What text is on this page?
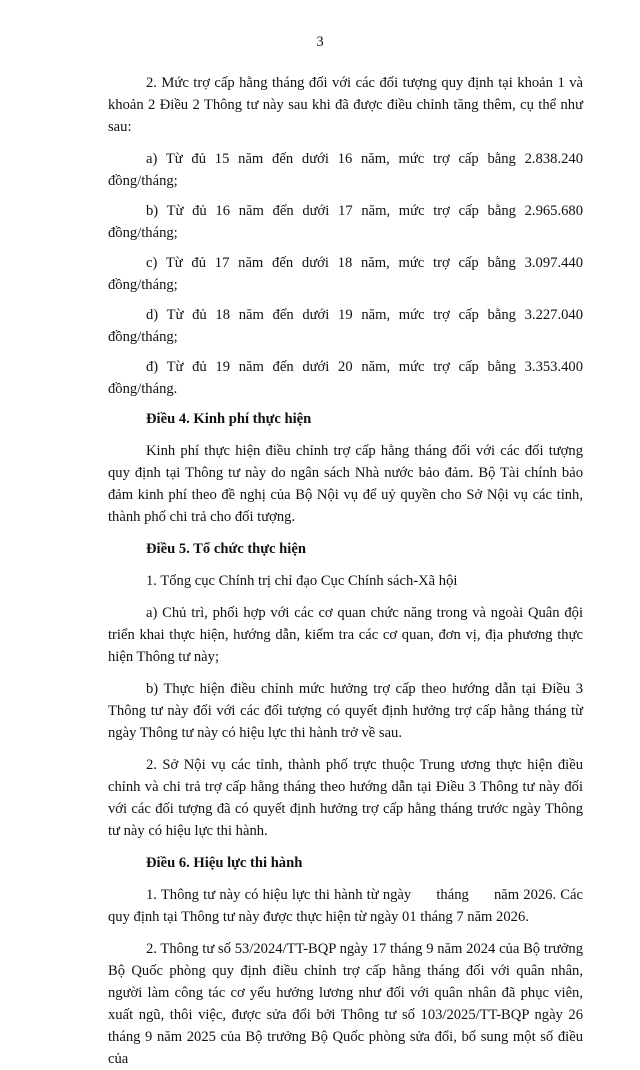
3

2. Mức trợ cấp hằng tháng đối với các đối tượng quy định tại khoản 1 và khoản 2 Điều 2 Thông tư này sau khi đã được điều chỉnh tăng thêm, cụ thể như sau:

a) Từ đủ 15 năm đến dưới 16 năm, mức trợ cấp bằng 2.838.240 đồng/tháng;

b) Từ đủ 16 năm đến dưới 17 năm, mức trợ cấp bằng 2.965.680 đồng/tháng;

c) Từ đủ 17 năm đến dưới 18 năm, mức trợ cấp bằng 3.097.440 đồng/tháng;

d) Từ đủ 18 năm đến dưới 19 năm, mức trợ cấp bằng 3.227.040 đồng/tháng;

đ) Từ đủ 19 năm đến dưới 20 năm, mức trợ cấp bằng 3.353.400 đồng/tháng.

Điều 4. Kinh phí thực hiện

Kinh phí thực hiện điều chỉnh trợ cấp hằng tháng đối với các đối tượng quy định tại Thông tư này do ngân sách Nhà nước bảo đảm. Bộ Tài chính bảo đảm kinh phí theo đề nghị của Bộ Nội vụ để uỷ quyền cho Sở Nội vụ các tỉnh, thành phố chi trả cho đối tượng.

Điều 5. Tổ chức thực hiện

1. Tổng cục Chính trị chỉ đạo Cục Chính sách-Xã hội

a) Chủ trì, phối hợp với các cơ quan chức năng trong và ngoài Quân đội triển khai thực hiện, hướng dẫn, kiểm tra các cơ quan, đơn vị, địa phương thực hiện Thông tư này;

b) Thực hiện điều chỉnh mức hưởng trợ cấp theo hướng dẫn tại Điều 3 Thông tư này đối với các đối tượng có quyết định hưởng trợ cấp hằng tháng từ ngày Thông tư này có hiệu lực thi hành trở về sau.

2. Sở Nội vụ các tỉnh, thành phố trực thuộc Trung ương thực hiện điều chỉnh và chi trả trợ cấp hằng tháng theo hướng dẫn tại Điều 3 Thông tư này đối với các đối tượng đã có quyết định hưởng trợ cấp hằng tháng trước ngày Thông tư này có hiệu lực thi hành.

Điều 6. Hiệu lực thi hành

1. Thông tư này có hiệu lực thi hành từ ngày      tháng      năm 2026. Các quy định tại Thông tư này được thực hiện từ ngày 01 tháng 7 năm 2026.

2. Thông tư số 53/2024/TT-BQP ngày 17 tháng 9 năm 2024 của Bộ trưởng Bộ Quốc phòng quy định điều chỉnh trợ cấp hằng tháng đối với quân nhân, người làm công tác cơ yếu hưởng lương như đối với quân nhân đã phục viên, xuất ngũ, thôi việc, được sửa đổi bởi Thông tư số 103/2025/TT-BQP ngày 26 tháng 9 năm 2025 của Bộ trưởng Bộ Quốc phòng sửa đổi, bổ sung một số điều của
